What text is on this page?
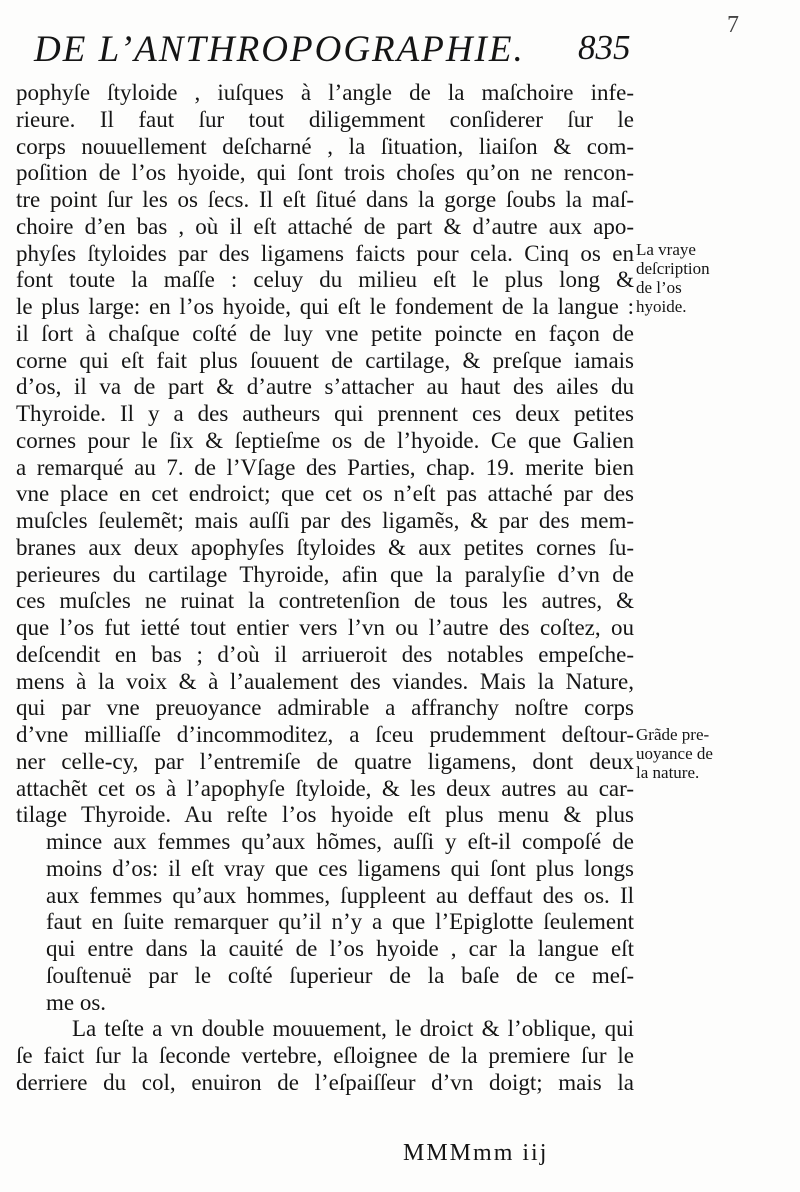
DE L’ANTHROPOGRAPHIE. 835
7
pophyſe ſtyloide , iuſques à l’angle de la maſchoire infe-
rieure. Il faut ſur tout diligemment conſiderer ſur le
corps nouuellement deſcharné , la ſituation, liaiſon & com-
poſition de l’os hyoide, qui ſont trois choſes qu’on ne rencon-
tre point ſur les os ſecs. Il eſt ſitué dans la gorge ſoubs la maſ-
choire d’en bas , où il eſt attaché de part & d’autre aux apo-
phyſes ſtyloides par des ligamens faicts pour cela. Cinq os en
font toute la maſſe : celuy du milieu eſt le plus long &
le plus large: en l’os hyoide, qui eſt le fondement de la langue :
il ſort à chaſque coſté de luy vne petite poincte en façon de
corne qui eſt fait plus ſouuent de cartilage, & preſque iamais
d’os, il va de part & d’autre s’attacher au haut des ailes du
Thyroide. Il y a des autheurs qui prennent ces deux petites
cornes pour le ſix & ſeptieſme os de l’hyoide. Ce que Galien
a remarqué au 7. de l’Vſage des Parties, chap. 19. merite bien
vne place en cet endroict; que cet os n’eſt pas attaché par des
muſcles ſeulemẽt; mais auſſi par des ligamẽs, & par des mem-
branes aux deux apophyſes ſtyloides & aux petites cornes ſu-
perieures du cartilage Thyroide, afin que la paralyſie d’vn de
ces muſcles ne ruinat la contretenſion de tous les autres, &
que l’os fut ietté tout entier vers l’vn ou l’autre des coſtez, ou
deſcendit en bas ; d’où il arriueroit des notables empeſche-
mens à la voix & à l’aualement des viandes. Mais la Nature,
qui par vne preuoyance admirable a affranchy noſtre corps
d’vne milliaſſe d’incommoditez, a ſceu prudemment deſtour-
ner celle-cy, par l’entremiſe de quatre ligamens, dont deux
attachẽt cet os à l’apophyſe ſtyloide, & les deux autres au car-
tilage Thyroide. Au reſte l’os hyoide eſt plus menu & plus
mince aux femmes qu’aux hõmes, auſſi y eſt-il compoſé de
moins d’os: il eſt vray que ces ligamens qui ſont plus longs
aux femmes qu’aux hommes, ſuppleent au deffaut des os. Il
faut en ſuite remarquer qu’il n’y a que l’Epiglotte ſeulement
qui entre dans la cauité de l’os hyoide , car la langue eſt
ſouſtenuë par le coſté ſuperieur de la baſe de ce meſ-
me os.
La teſte a vn double mouuement, le droict & l’oblique, qui
ſe faict ſur la ſeconde vertebre, eſloignee de la premiere ſur le
derriere du col, enuiron de l’eſpaiſſeur d’vn doigt; mais la
La vraye
deſcription
de l’os
hyoide.
Grãde pre-
uoyance de
la nature.
MMMmm iij
